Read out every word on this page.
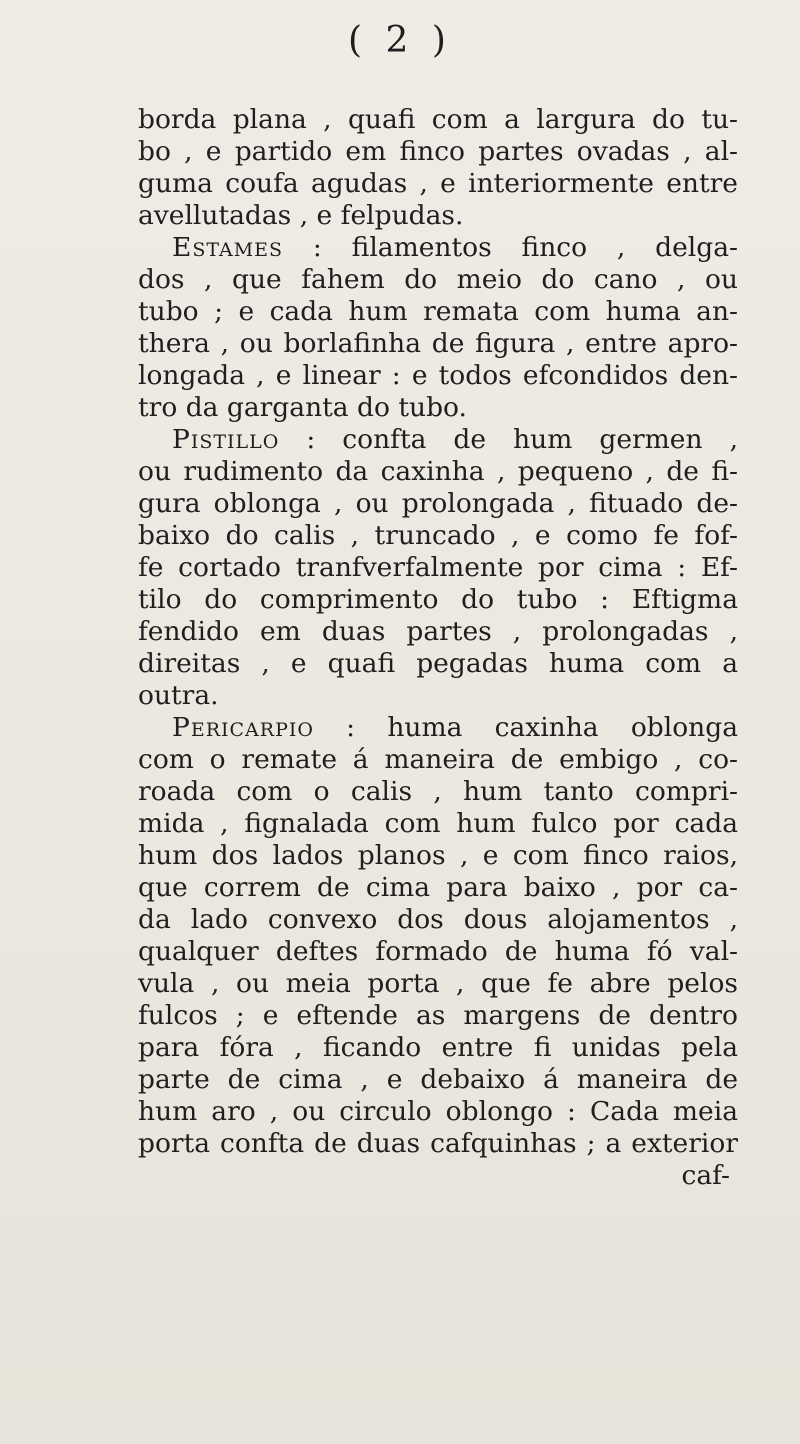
( 2 )
borda plana , quafi com a largura do tu-
bo , e partido em finco partes ovadas , al-
guma coufa agudas , e interiormente entre
avellutadas , e felpudas.
Estames : filamentos finco , delga-
dos , que fahem do meio do cano , ou
tubo ; e cada hum remata com huma an-
thera , ou borlafinha de figura , entre apro-
longada , e linear : e todos efcondidos den-
tro da garganta do tubo.
Pistillo : confta de hum germen ,
ou rudimento da caxinha , pequeno , de fi-
gura oblonga , ou prolongada , fituado de-
baixo do calis , truncado , e como fe fof-
fe cortado tranfverfalmente por cima : Ef-
tilo do comprimento do tubo : Eftigma
fendido em duas partes , prolongadas ,
direitas , e quafi pegadas huma com a
outra.
Pericarpio : huma caxinha oblonga
com o remate á maneira de embigo , co-
roada com o calis , hum tanto compri-
mida , fignalada com hum fulco por cada
hum dos lados planos , e com finco raios,
que correm de cima para baixo , por ca-
da lado convexo dos dous alojamentos ,
qualquer deftes formado de huma fó val-
vula , ou meia porta , que fe abre pelos
fulcos ; e eftende as margens de dentro
para fóra , ficando entre fi unidas pela
parte de cima , e debaixo á maneira de
hum aro , ou circulo oblongo : Cada meia
porta confta de duas cafquinhas ; a exterior
caf-
